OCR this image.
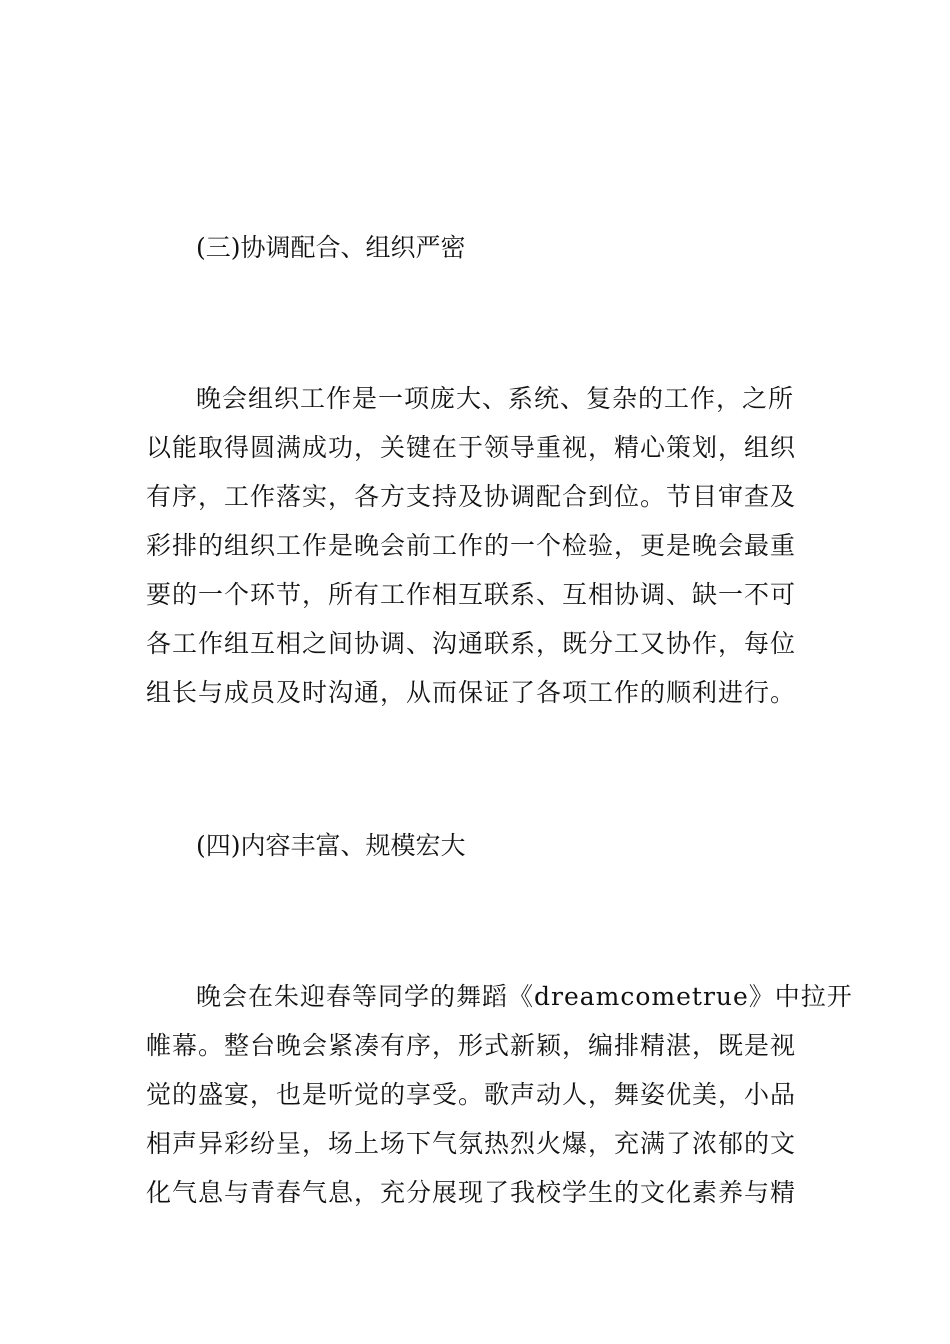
(三)协调配合、组织严密
晚会组织工作是一项庞大、系统、复杂的工作，之所
以能取得圆满成功，关键在于领导重视，精心策划，组织
有序，工作落实，各方支持及协调配合到位。节目审查及
彩排的组织工作是晚会前工作的一个检验，更是晚会最重
要的一个环节，所有工作相互联系、互相协调、缺一不可
各工作组互相之间协调、沟通联系，既分工又协作，每位
组长与成员及时沟通，从而保证了各项工作的顺利进行。
(四)内容丰富、规模宏大
晚会在朱迎春等同学的舞蹈《dreamcometrue》中拉开
帷幕。整台晚会紧凑有序，形式新颖，编排精湛，既是视
觉的盛宴，也是听觉的享受。歌声动人，舞姿优美，小品
相声异彩纷呈，场上场下气氛热烈火爆，充满了浓郁的文
化气息与青春气息，充分展现了我校学生的文化素养与精
